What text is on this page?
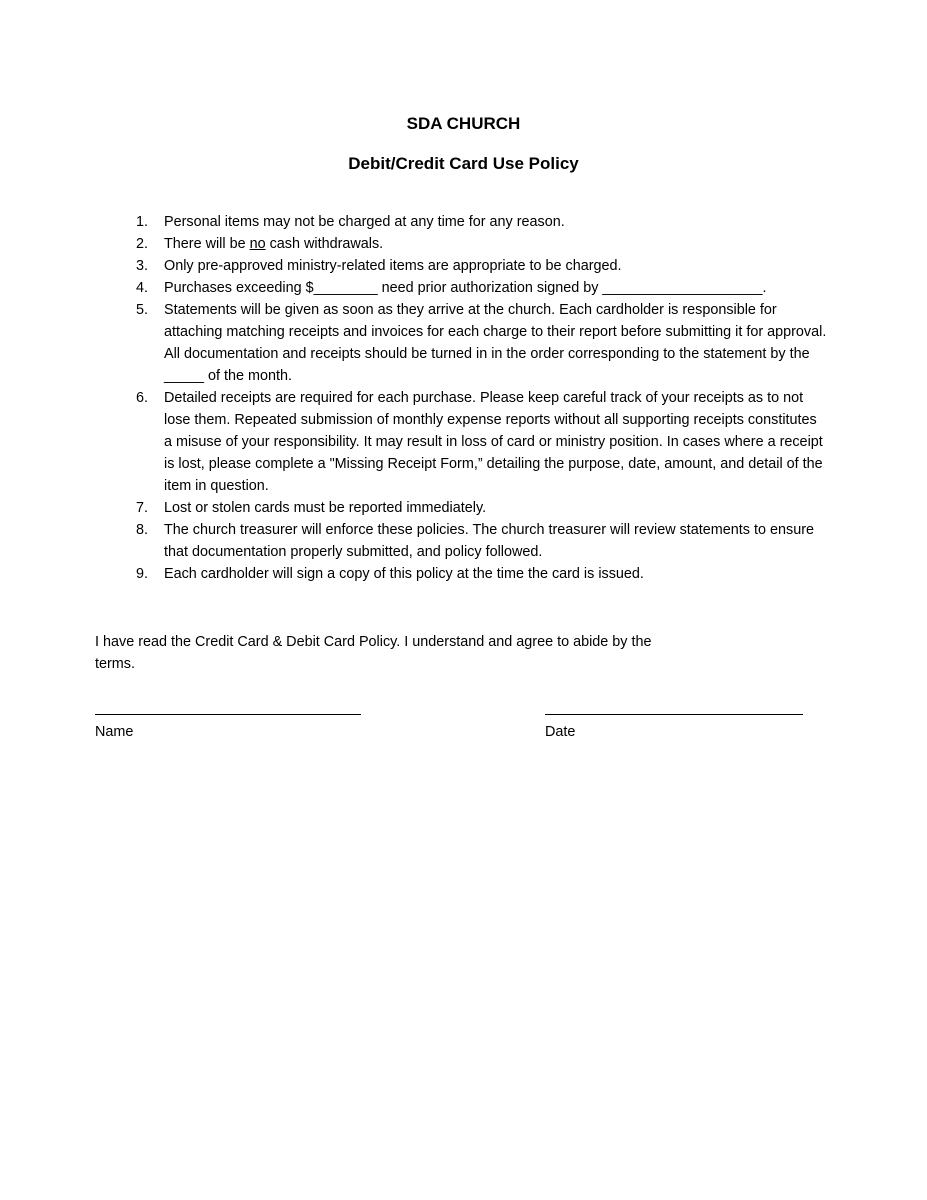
SDA CHURCH
Debit/Credit Card Use Policy
1. Personal items may not be charged at any time for any reason.
2. There will be no cash withdrawals.
3. Only pre-approved ministry-related items are appropriate to be charged.
4. Purchases exceeding $________ need prior authorization signed by ____________________.
5. Statements will be given as soon as they arrive at the church. Each cardholder is responsible for attaching matching receipts and invoices for each charge to their report before submitting it for approval. All documentation and receipts should be turned in in the order corresponding to the statement by the _____ of the month.
6. Detailed receipts are required for each purchase. Please keep careful track of your receipts as to not lose them. Repeated submission of monthly expense reports without all supporting receipts constitutes a misuse of your responsibility. It may result in loss of card or ministry position. In cases where a receipt is lost, please complete a "Missing Receipt Form,” detailing the purpose, date, amount, and detail of the item in question.
7. Lost or stolen cards must be reported immediately.
8. The church treasurer will enforce these policies. The church treasurer will review statements to ensure that documentation properly submitted, and policy followed.
9. Each cardholder will sign a copy of this policy at the time the card is issued.
I have read the Credit Card & Debit Card Policy. I understand and agree to abide by the terms.
Name	Date
